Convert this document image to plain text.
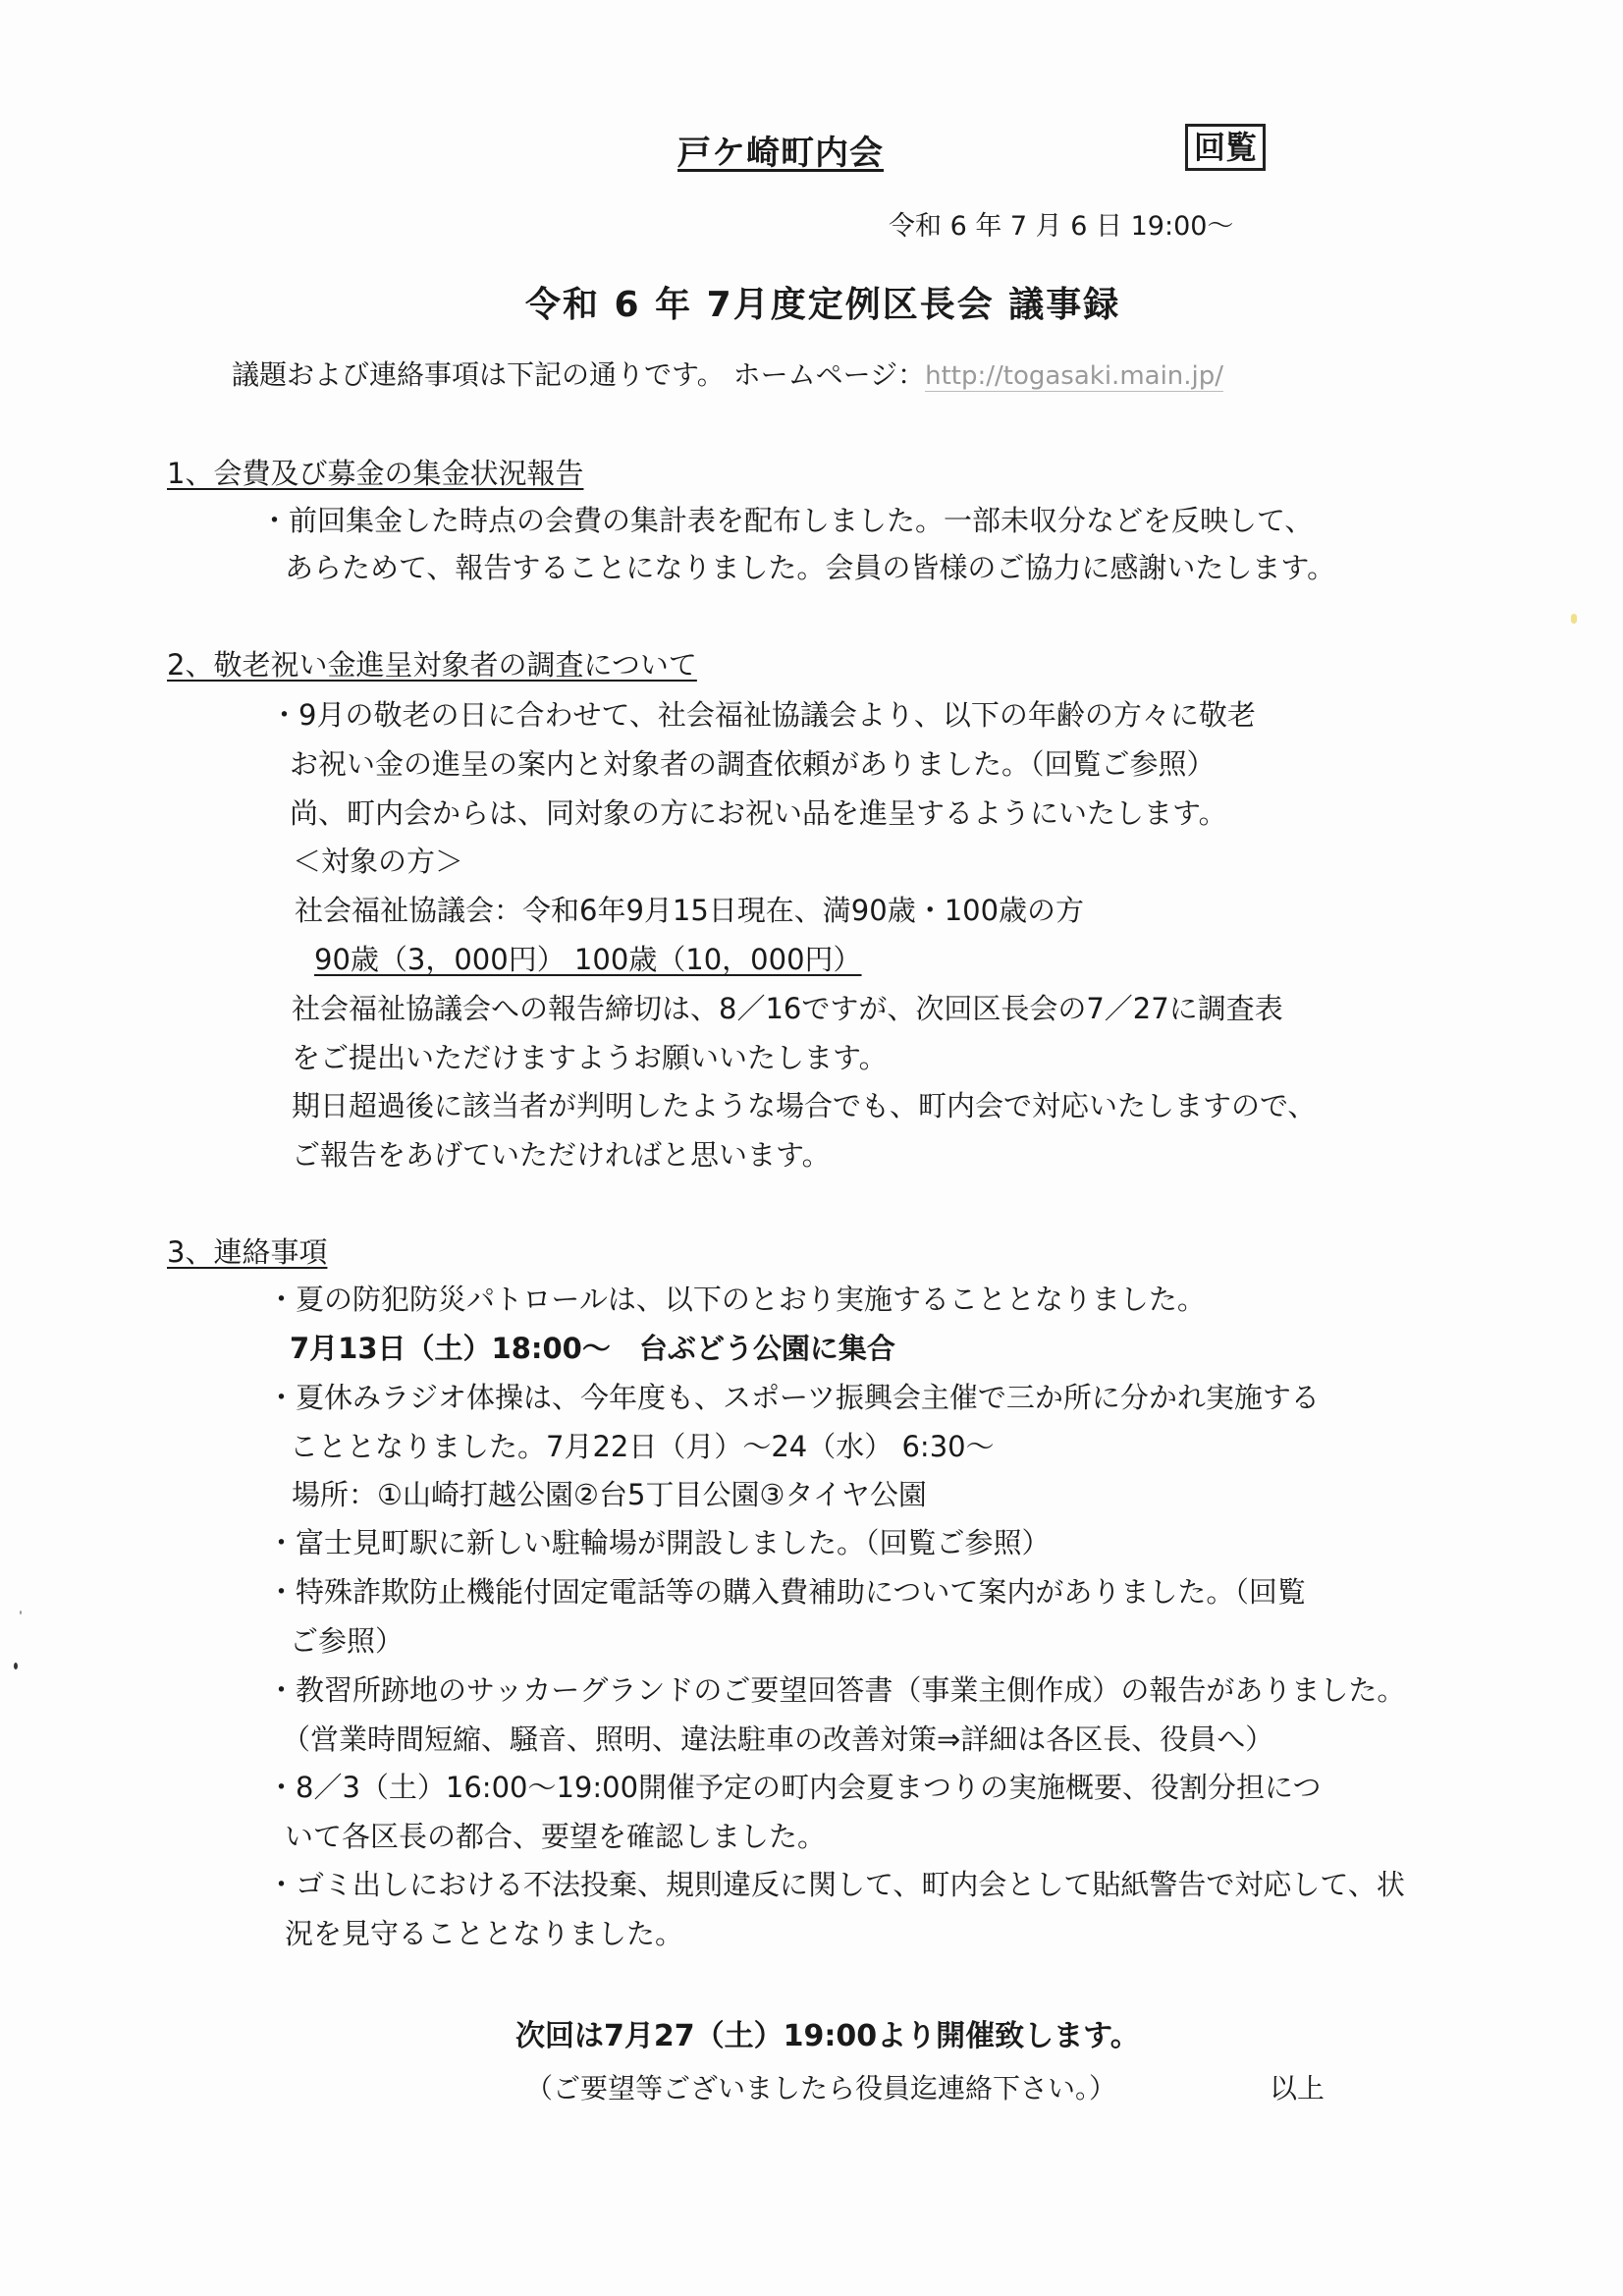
戸ケ崎町内会	回覧
令和 6 年 7 月 6 日 19:00～
令和 6 年 7月度定例区長会 議事録
議題および連絡事項は下記の通りです。 ホームページ：http://togasaki.main.jp/
1、会費及び募金の集金状況報告
・前回集金した時点の会費の集計表を配布しました。一部未収分などを反映して、
あらためて、報告することになりました。会員の皆様のご協力に感謝いたします。
2、敬老祝い金進呈対象者の調査について
・9月の敬老の日に合わせて、社会福祉協議会より、以下の年齢の方々に敬老
お祝い金の進呈の案内と対象者の調査依頼がありました。（回覧ご参照）
尚、町内会からは、同対象の方にお祝い品を進呈するようにいたします。
＜対象の方＞
社会福祉協議会：令和6年9月15日現在、満90歳・100歳の方
90歳（3，000円） 100歳（10，000円）
社会福祉協議会への報告締切は、8／16ですが、次回区長会の7／27に調査表
をご提出いただけますようお願いいたします。
期日超過後に該当者が判明したような場合でも、町内会で対応いたしますので、
ご報告をあげていただければと思います。
3、連絡事項
・夏の防犯防災パトロールは、以下のとおり実施することとなりました。
7月13日（土）18:00～　台ぶどう公園に集合
・夏休みラジオ体操は、今年度も、スポーツ振興会主催で三か所に分かれ実施する
こととなりました。7月22日（月）～24（水） 6:30～
場所：①山崎打越公園②台5丁目公園③タイヤ公園
・富士見町駅に新しい駐輪場が開設しました。（回覧ご参照）
・特殊詐欺防止機能付固定電話等の購入費補助について案内がありました。（回覧
ご参照）
・教習所跡地のサッカーグランドのご要望回答書（事業主側作成）の報告がありました。
（営業時間短縮、騒音、照明、違法駐車の改善対策⇒詳細は各区長、役員へ）
・8／3（土）16:00～19:00開催予定の町内会夏まつりの実施概要、役割分担につ
いて各区長の都合、要望を確認しました。
・ゴミ出しにおける不法投棄、規則違反に関して、町内会として貼紙警告で対応して、状
況を見守ることとなりました。
次回は7月27（土）19:00より開催致します。
（ご要望等ございましたら役員迄連絡下さい。）	以上
